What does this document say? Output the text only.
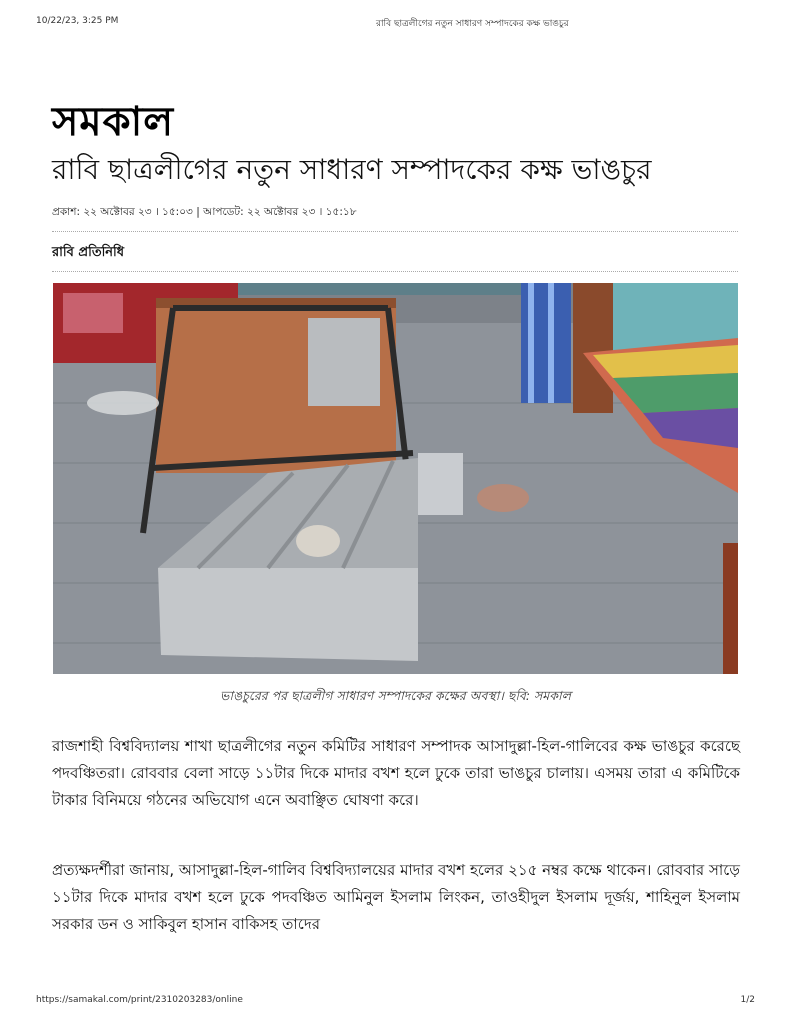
10/22/23, 3:25 PM	রাবি ছাত্রলীগের নতুন সাধারণ সম্পাদকের কক্ষ ভাঙচুর
সমকাল
রাবি ছাত্রলীগের নতুন সাধারণ সম্পাদকের কক্ষ ভাঙচুর
প্রকাশ: ২২ অক্টোবর ২৩ । ১৫:০৩ | আপডেট: ২২ অক্টোবর ২৩ । ১৫:১৮
রাবি প্রতিনিধি
ভাঙচুরের পর ছাত্রলীগ সাধারণ সম্পাদকের কক্ষের অবস্থা। ছবি: সমকাল

রাজশাহী বিশ্ববিদ্যালয় শাখা ছাত্রলীগের নতুন কমিটির সাধারণ সম্পাদক আসাদুল্লা-হিল-গালিবের কক্ষ ভাঙচুর করেছে পদবঞ্চিতরা। রোববার বেলা সাড়ে ১১টার দিকে মাদার বখশ হলে ঢুকে তারা ভাঙচুর চালায়। এসময় তারা এ কমিটিকে টাকার বিনিময়ে গঠনের অভিযোগ এনে অবাঞ্ছিত ঘোষণা করে।

প্রত্যক্ষদর্শীরা জানায়, আসাদুল্লা-হিল-গালিব বিশ্ববিদ্যালয়ের মাদার বখশ হলের ২১৫ নম্বর কক্ষে থাকেন। রোববার সাড়ে ১১টার দিকে মাদার বখশ হলে ঢুকে পদবঞ্চিত আমিনুল ইসলাম লিংকন, তাওহীদুল ইসলাম দূর্জয়, শাহিনুল ইসলাম সরকার ডন ও সাকিবুল হাসান বাকিসহ তাদের

https://samakal.com/print/2310203283/online	1/2
